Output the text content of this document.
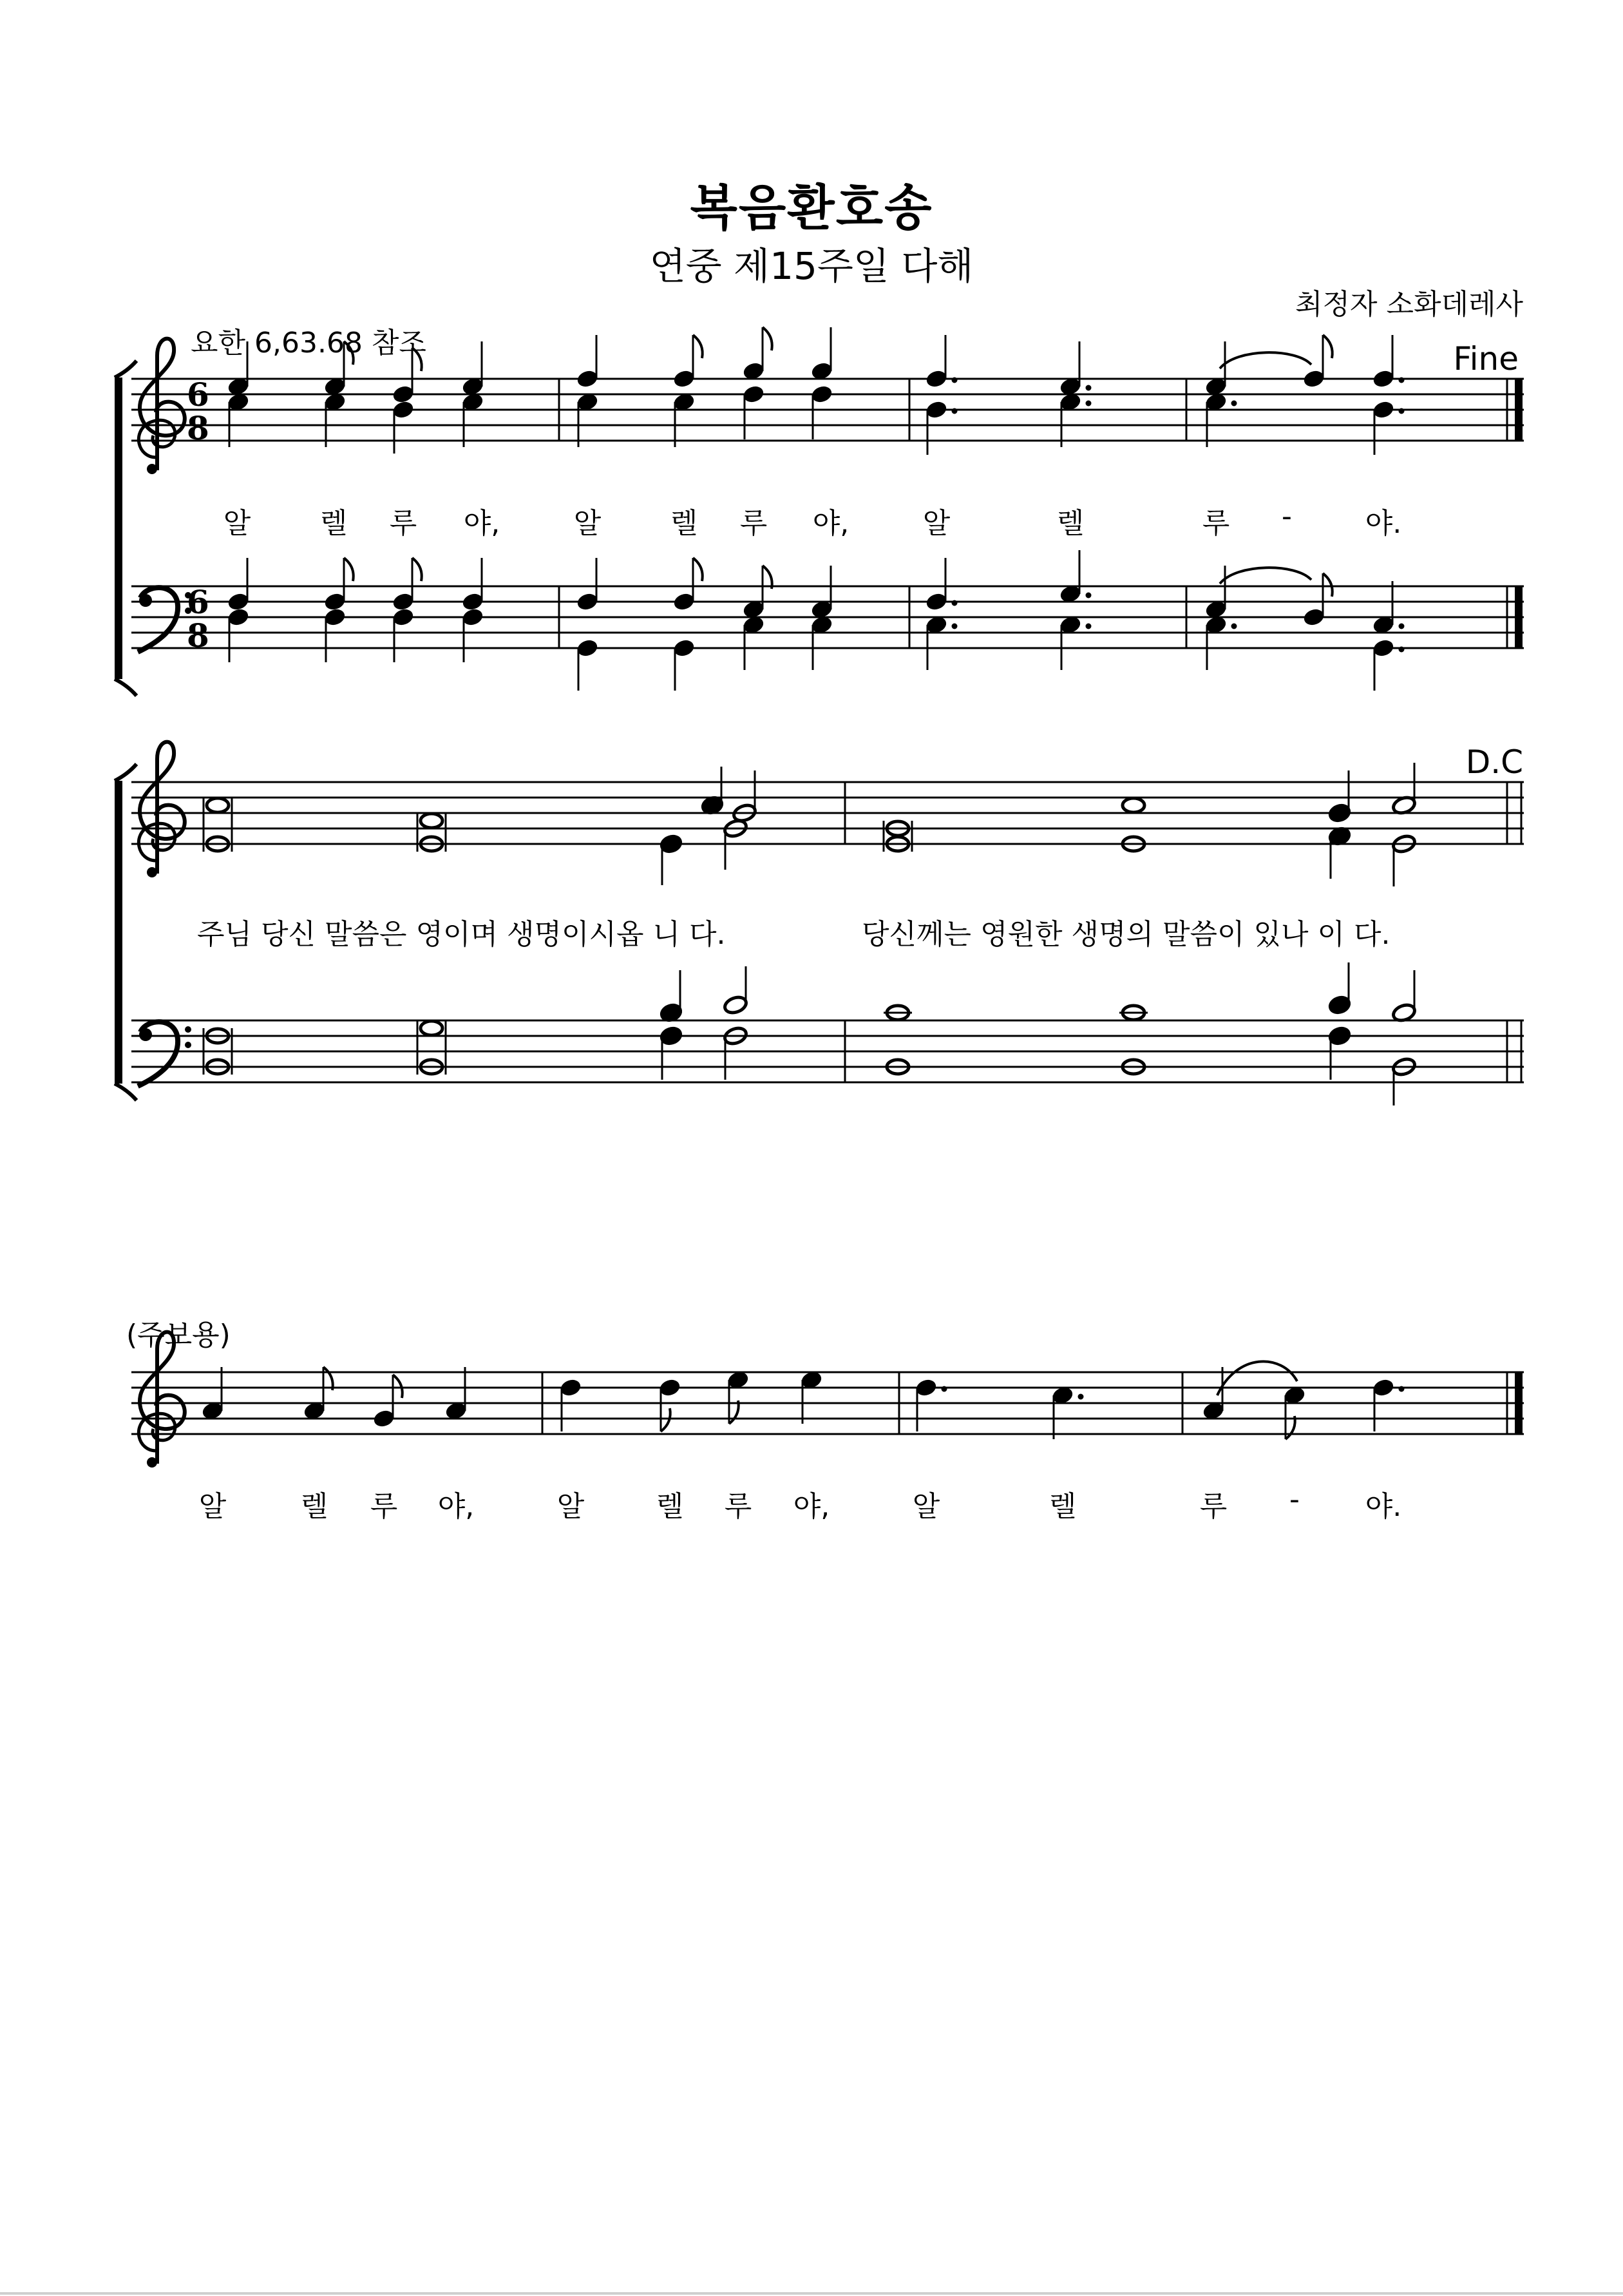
복음환호송
연중 제15주일 다해
최정자 소화데레사
요한 6,63.68 참조	Fine
D.C
(주보용)
알 렐 루 야,	알 렐 루 야,	알	렐	루 -	야.
주님 당신 말씀은 영이며 생명이시옵 니 다.	당신께는 영원한 생명의 말씀이 있나 이 다.
알	렐 루 야,	알	렐 루 야,	알	렐	루 - 야.
6
8
6
8
